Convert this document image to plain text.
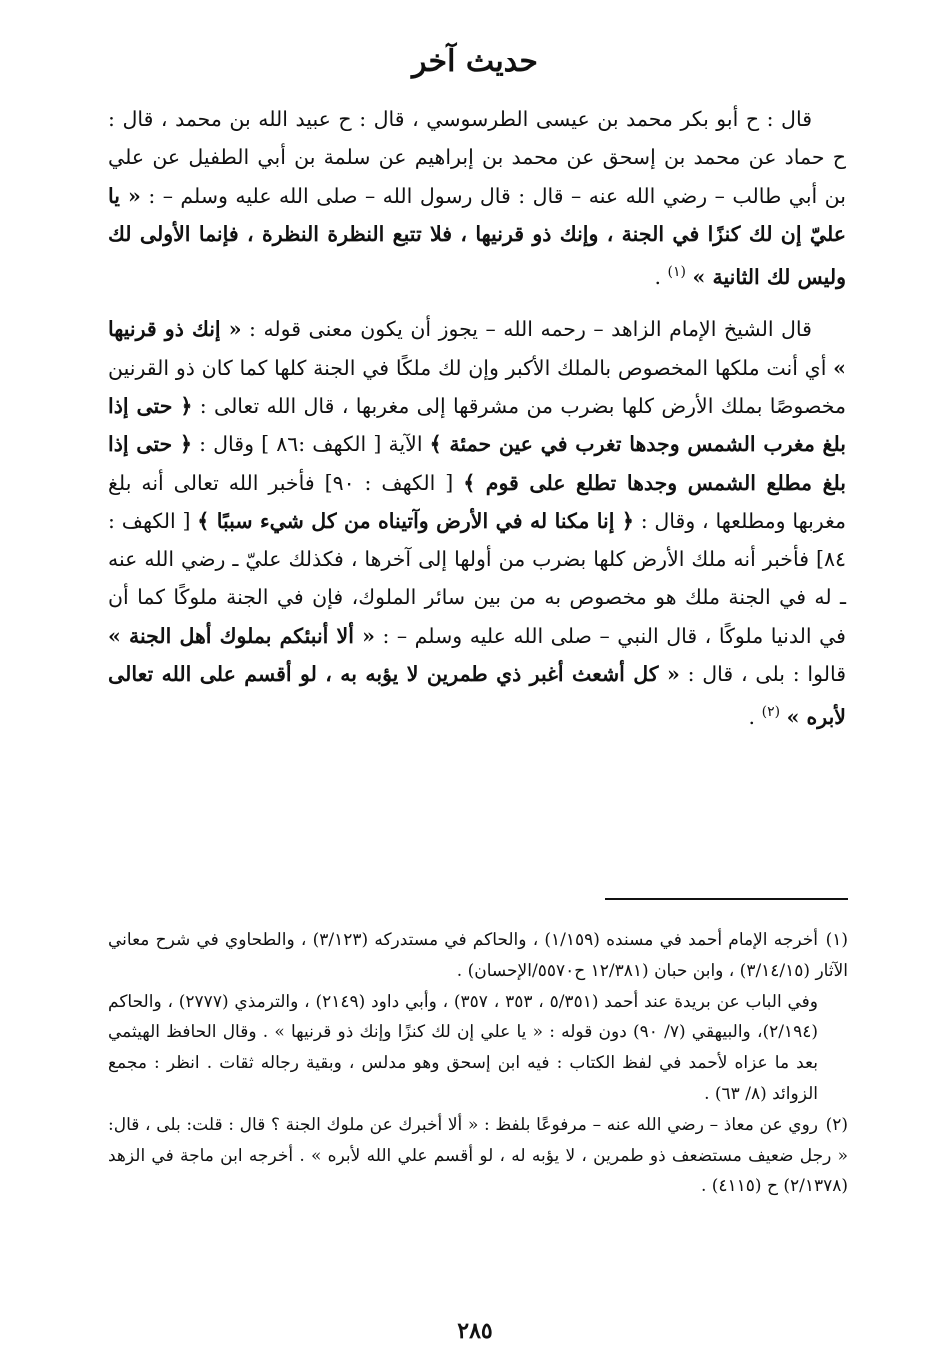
حديث آخر

قال : ح أبو بكر محمد بن عيسى الطرسوسي ، قال : ح عبيد الله بن محمد ، قال : ح حماد عن محمد بن إسحق عن محمد بن إبراهيم عن سلمة بن أبي الطفيل عن علي بن أبي طالب – رضي الله عنه – قال : قال رسول الله – صلى الله عليه وسلم – : « يا عليّ إن لك كنزًا في الجنة ، وإنك ذو قرنيها ، فلا تتبع النظرة النظرة ، فإنما الأولى لك وليس لك الثانية » $^{(١)}$ .

قال الشيخ الإمام الزاهد – رحمه الله – يجوز أن يكون معنى قوله : « إنك ذو قرنيها » أي أنت ملكها المخصوص بالملك الأكبر وإن لك ملكًا في الجنة كلها كما كان ذو القرنين مخصوصًا بملك الأرض كلها بضرب من مشرقها إلى مغربها ، قال الله تعالى : ﴿ حتى إذا بلغ مغرب الشمس وجدها تغرب في عين حمئة ﴾ الآية [ الكهف :٨٦ ] وقال : ﴿ حتى إذا بلغ مطلع الشمس وجدها تطلع على قوم ﴾ [ الكهف : ٩٠] فأخبر الله تعالى أنه بلغ مغربها ومطلعها ، وقال : ﴿ إنا مكنا له في الأرض وآتيناه من كل شيء سببًا ﴾ [ الكهف : ٨٤] فأخبر أنه ملك الأرض كلها بضرب من أولها إلى آخرها ، فكذلك عليّ ـ رضي الله عنه ـ له في الجنة ملك هو مخصوص به من بين سائر الملوك، فإن في الجنة ملوكًا كما أن في الدنيا ملوكًا ، قال النبي – صلى الله عليه وسلم – : « ألا أنبئكم بملوك أهل الجنة » قالوا : بلى ، قال : « كل أشعث أغبر ذي طمرين لا يؤبه به ، لو أقسم على الله تعالى لأبره » $^{(٢)}$ .

(١)أخرجه الإمام أحمد في مسنده (١/١٥٩) ، والحاكم في مستدركه (٣/١٢٣) ، والطحاوي في شرح معاني الآثار (٣/١٤/١٥) ، وابن حبان (١٢/٣٨١ ح٥٥٧٠/الإحسان) .

وفي الباب عن بريدة عند أحمد (٥/٣٥١ ، ٣٥٣ ، ٣٥٧) ، وأبي داود (٢١٤٩) ، والترمذي (٢٧٧٧) ، والحاكم (٢/١٩٤)، والبيهقي (٧/ ٩٠) دون قوله : « يا علي إن لك كنزًا وإنك ذو قرنيها » . وقال الحافظ الهيثمي بعد ما عزاه لأحمد في لفظ الكتاب : فيه ابن إسحق وهو مدلس ، وبقية رجاله ثقات . انظر : مجمع الزوائد (٨/ ٦٣) .

(٢)روي عن معاذ – رضي الله عنه – مرفوعًا بلفظ : « ألا أخبرك عن ملوك الجنة ؟ قال : قلت: بلى ، قال: « رجل ضعيف مستضعف ذو طمرين ، لا يؤبه له ، لو أقسم علي الله لأبره » . أخرجه ابن ماجة في الزهد (٢/١٣٧٨) ح (٤١١٥) .

٢٨٥
